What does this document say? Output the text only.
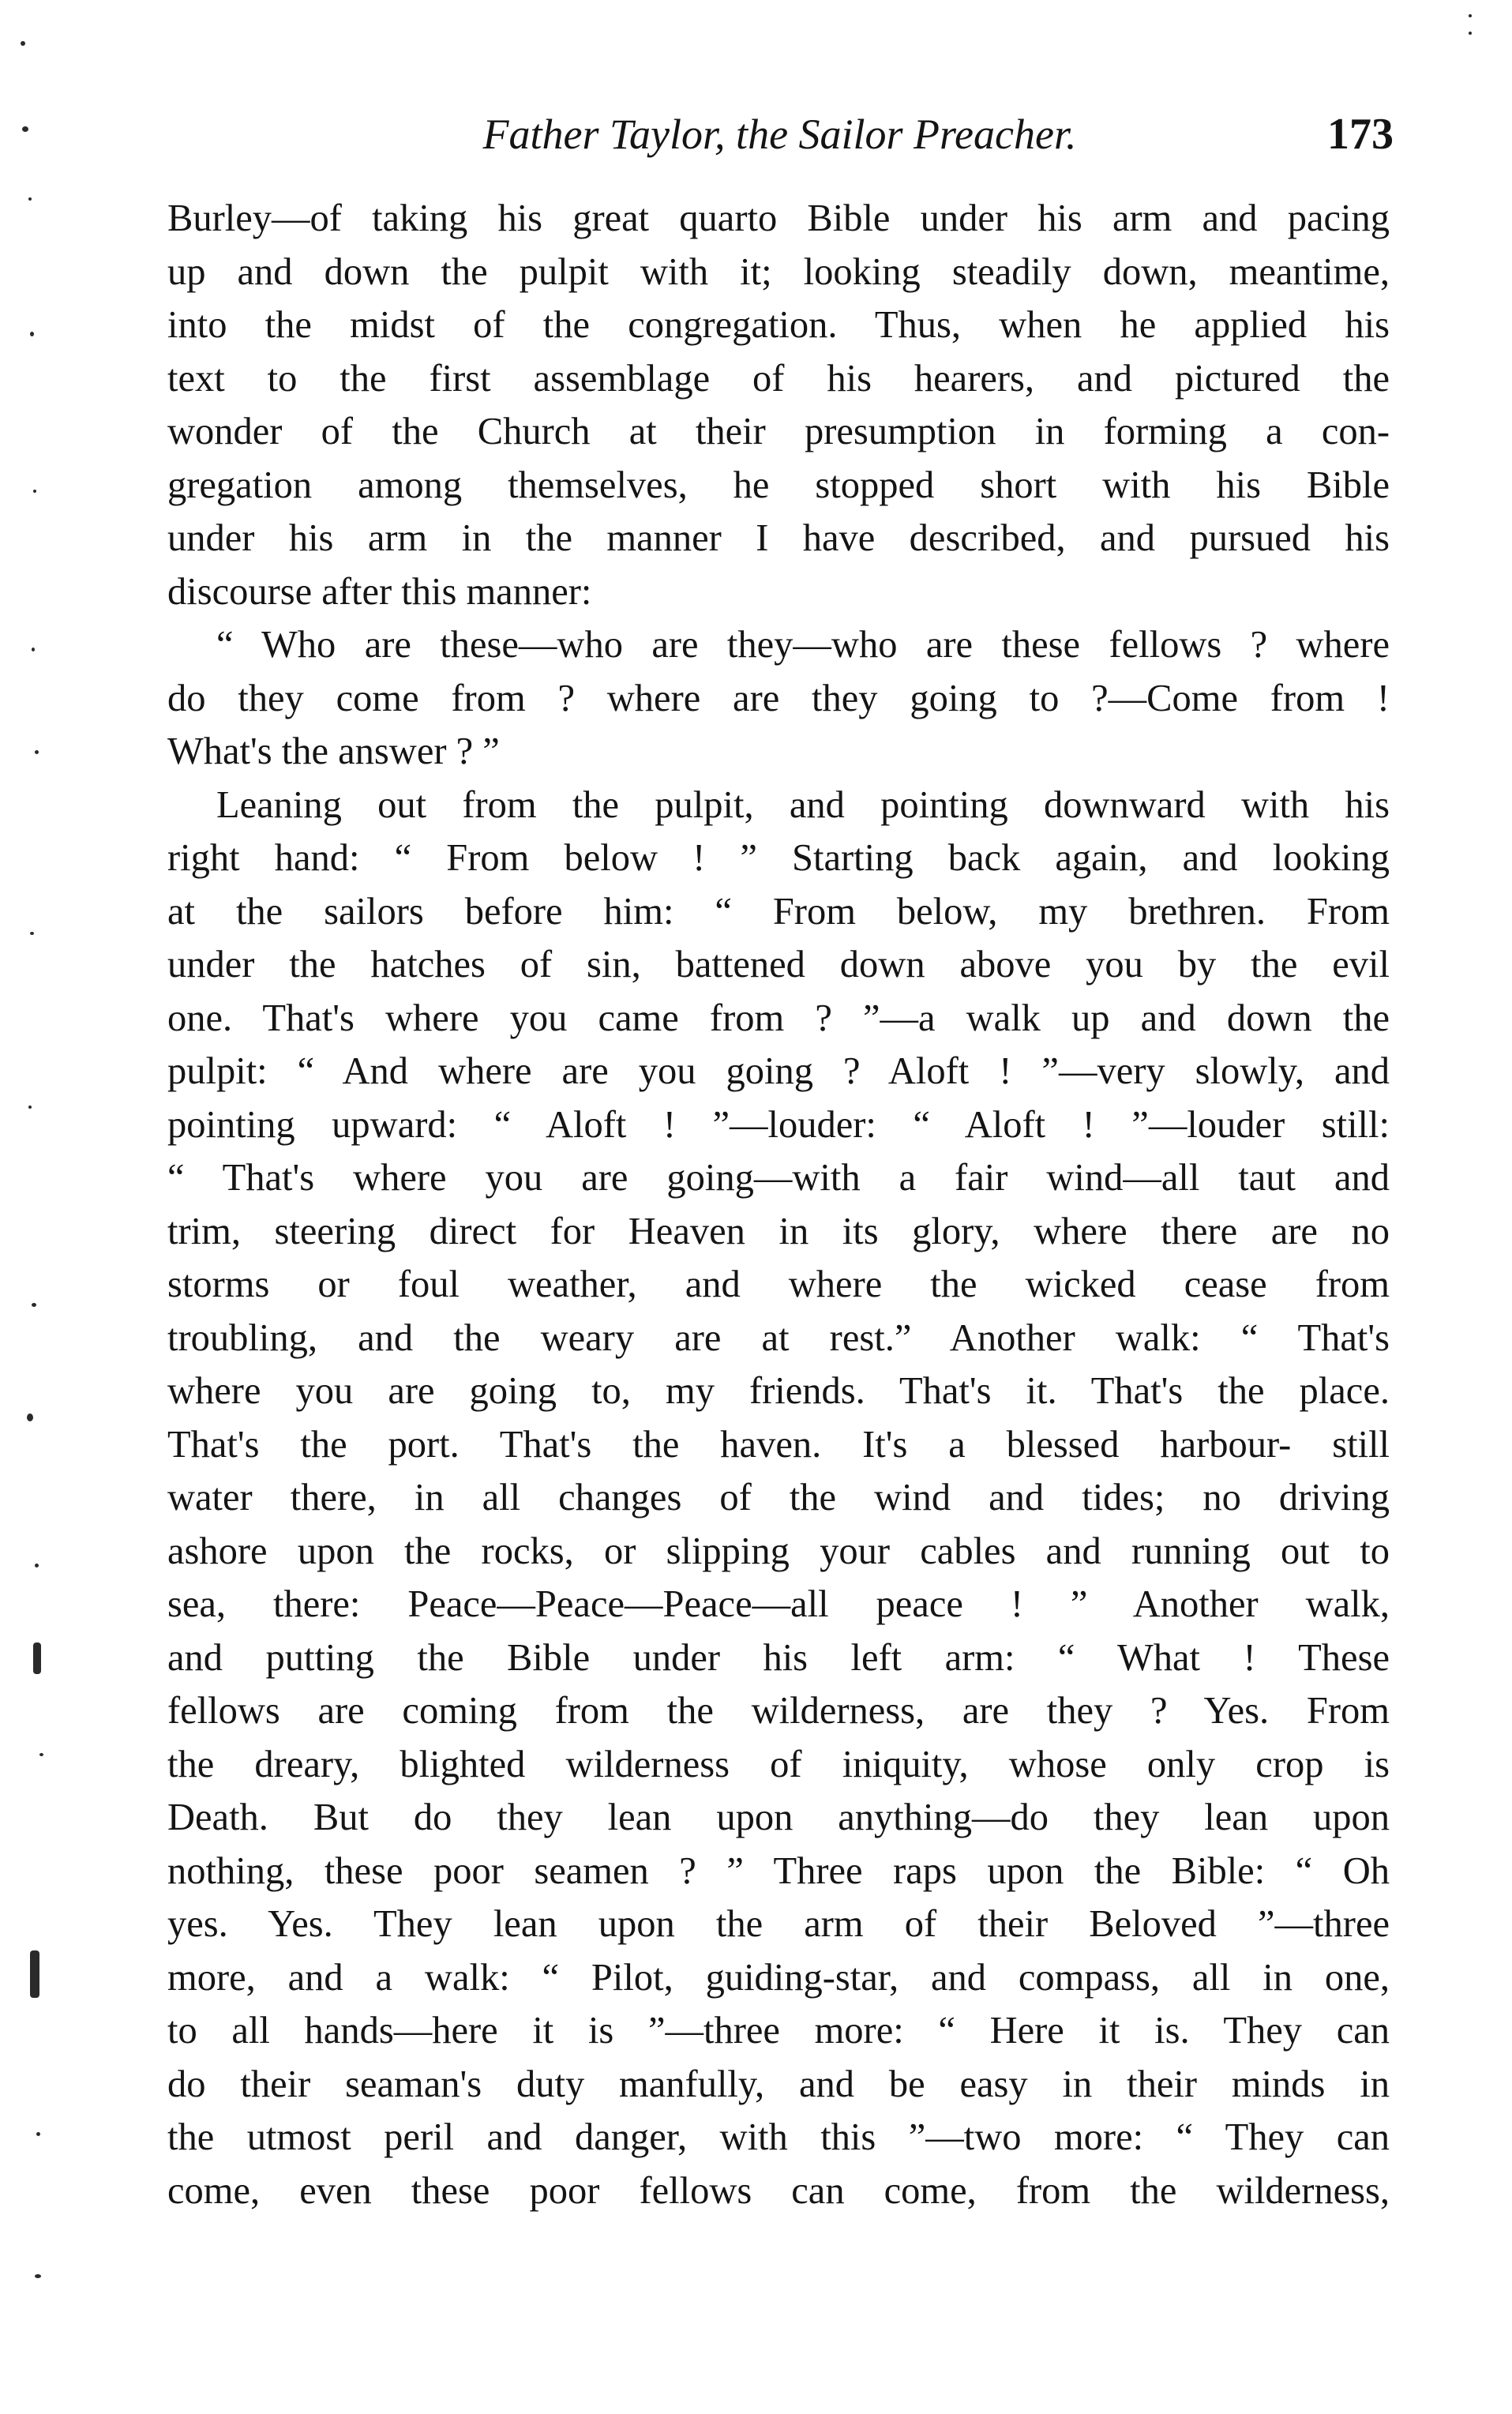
Father Taylor, the Sailor Preacher.	173
Burley—of taking his great quarto Bible under his arm and pacing
up and down the pulpit with it; looking steadily down, meantime,
into the midst of the congregation. Thus, when he applied his
text to the first assemblage of his hearers, and pictured the
wonder of the Church at their presumption in forming a con-
gregation among themselves, he stopped short with his Bible
under his arm in the manner I have described, and pursued his
discourse after this manner:
“ Who are these—who are they—who are these fellows ? where
do they come from ? where are they going to ?—Come from !
What's the answer ? ”
Leaning out from the pulpit, and pointing downward with his
right hand: “ From below ! ” Starting back again, and looking
at the sailors before him: “ From below, my brethren. From
under the hatches of sin, battened down above you by the evil
one. That's where you came from ? ”—a walk up and down the
pulpit: “ And where are you going ? Aloft ! ”—very slowly, and
pointing upward: “ Aloft ! ”—louder: “ Aloft ! ”—louder still:
“ That's where you are going—with a fair wind—all taut and
trim, steering direct for Heaven in its glory, where there are no
storms or foul weather, and where the wicked cease from
troubling, and the weary are at rest.” Another walk: “ That's
where you are going to, my friends. That's it. That's the place.
That's the port. That's the haven. It's a blessed harbour- still
water there, in all changes of the wind and tides; no driving
ashore upon the rocks, or slipping your cables and running out to
sea, there: Peace—Peace—Peace—all peace ! ” Another walk,
and putting the Bible under his left arm: “ What ! These
fellows are coming from the wilderness, are they ? Yes. From
the dreary, blighted wilderness of iniquity, whose only crop is
Death. But do they lean upon anything—do they lean upon
nothing, these poor seamen ? ” Three raps upon the Bible: “ Oh
yes. Yes. They lean upon the arm of their Beloved ”—three
more, and a walk: “ Pilot, guiding-star, and compass, all in one,
to all hands—here it is ”—three more: “ Here it is. They can
do their seaman's duty manfully, and be easy in their minds in
the utmost peril and danger, with this ”—two more: “ They can
come, even these poor fellows can come, from the wilderness,
